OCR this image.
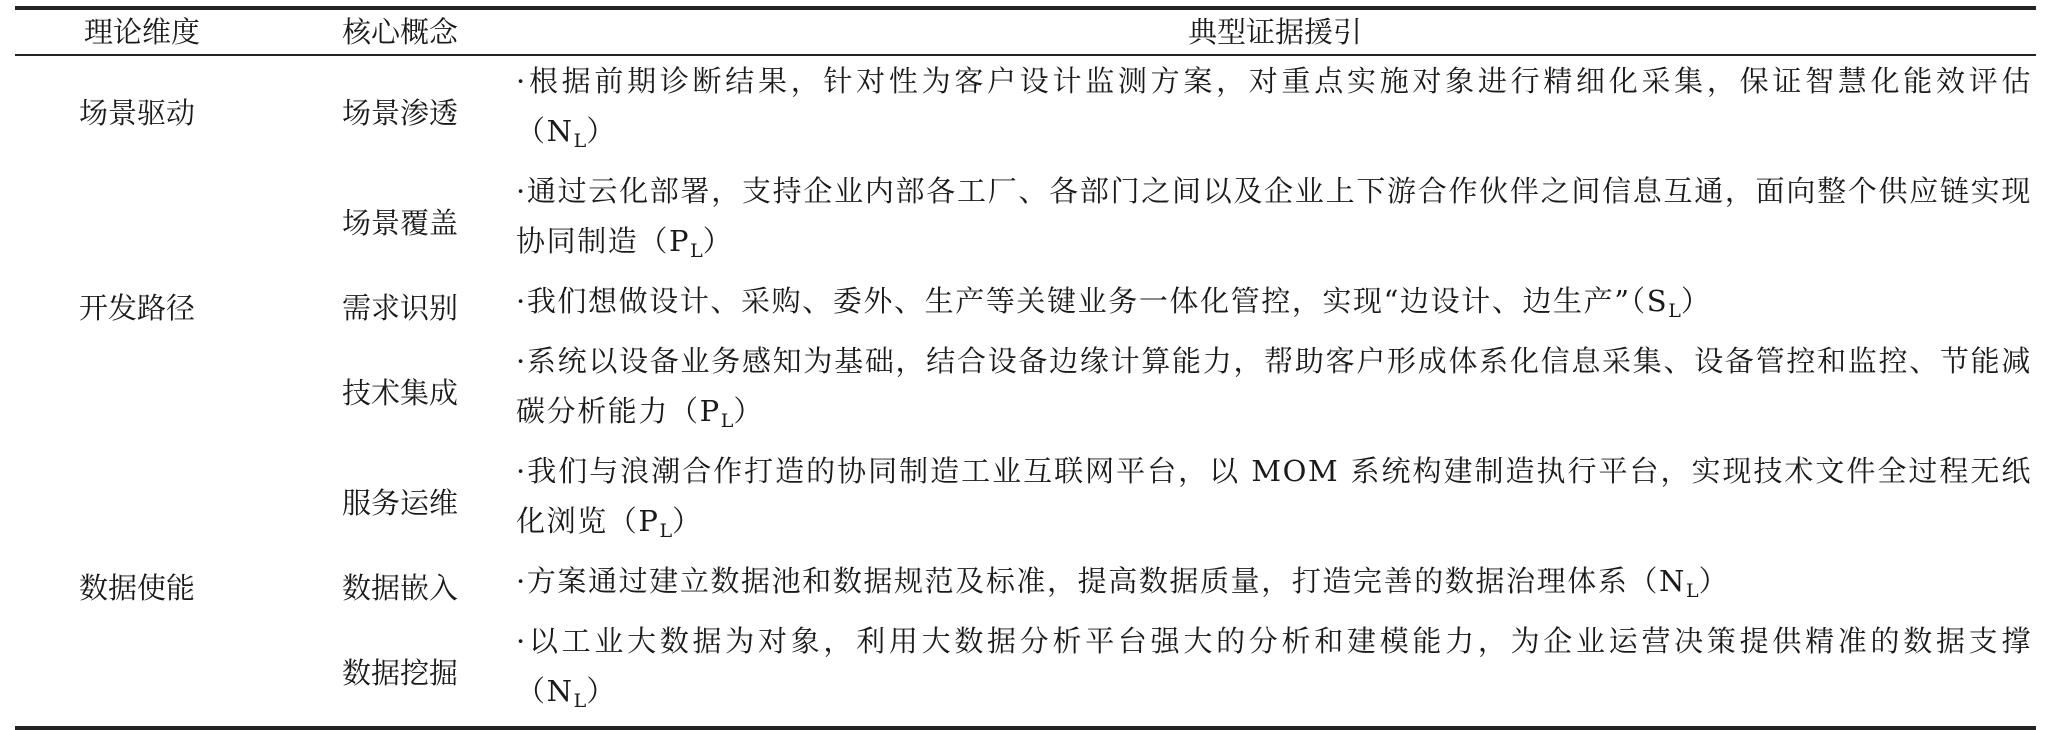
理论维度	核心概念	典型证据援引
场景驱动	场景渗透	·根据前期诊断结果，针对性为客户设计监测方案，对重点实施对象进行精细化采集，保证智慧化能效评估$(N_L)$
	场景覆盖	·通过云化部署，支持企业内部各工厂、各部门之间以及企业上下游合作伙伴之间信息互通，面向整个供应链实现协同制造$(P_L)$
开发路径	需求识别	·我们想做设计、采购、委外、生产等关键业务一体化管控，实现“边设计、边生产$”(S_L)$
	技术集成	·系统以设备业务感知为基础，结合设备边缘计算能力，帮助客户形成体系化信息采集、设备管控和监控、节能减碳分析能力$(P_L)$
	服务运维	·我们与浪潮合作打造的协同制造工业互联网平台，以 MOM 系统构建制造执行平台，实现技术文件全过程无纸化浏览$(P_L)$
数据使能	数据嵌入	·方案通过建立数据池和数据规范及标准，提高数据质量，打造完善的数据治理体系$(N_L)$
	数据挖掘	·以工业大数据为对象，利用大数据分析平台强大的分析和建模能力，为企业运营决策提供精准的数据支撑$(N_L)$
